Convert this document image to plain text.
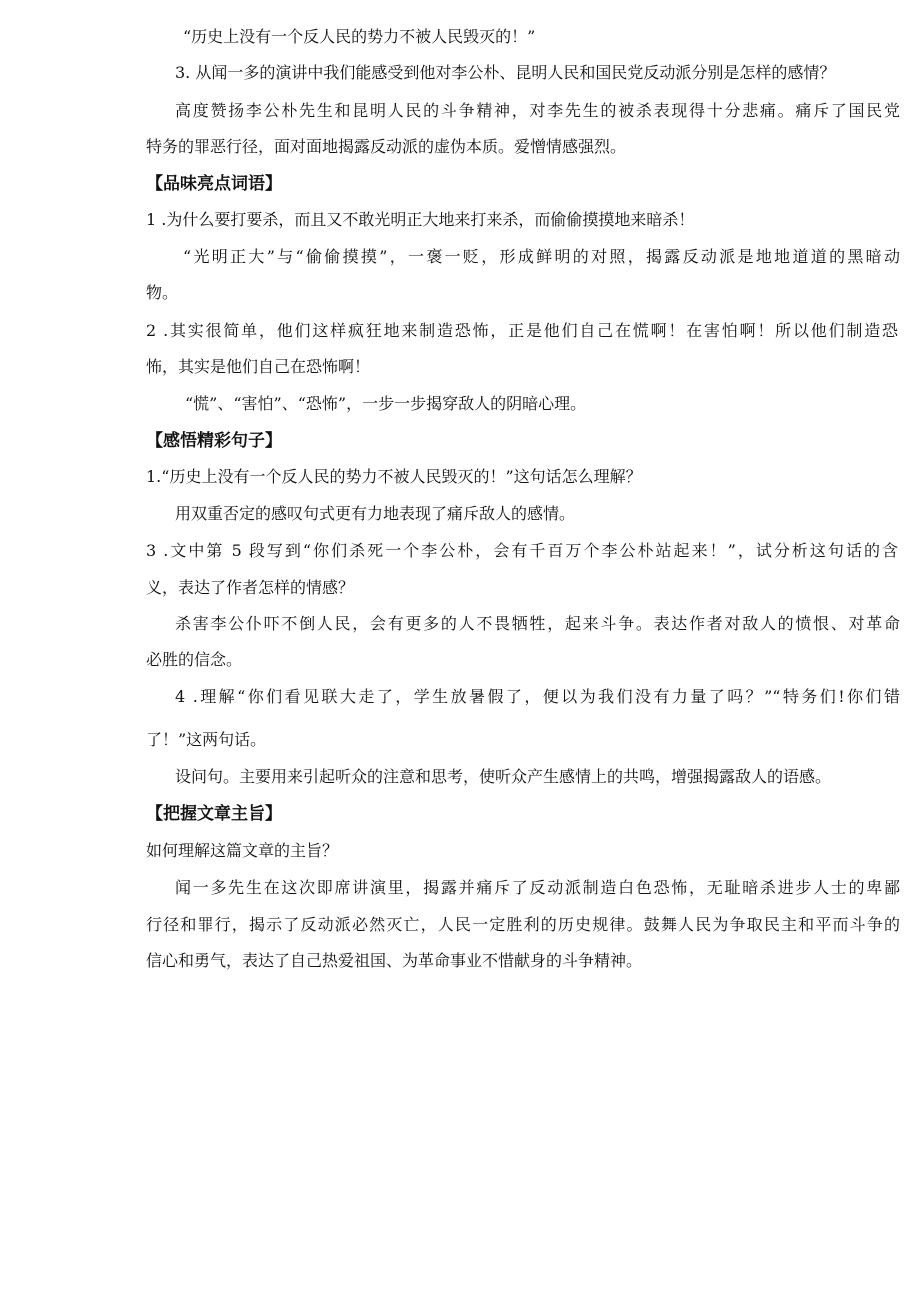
“历史上没有一个反人民的势力不被人民毁灭的！”
3. 从闻一多的演讲中我们能感受到他对李公朴、昆明人民和国民党反动派分别是怎样的感情？
高度赞扬李公朴先生和昆明人民的斗争精神，对李先生的被杀表现得十分悲痛。痛斥了国民党
特务的罪恶行径，面对面地揭露反动派的虚伪本质。爱憎情感强烈。
【品味亮点词语】
1 .为什么要打要杀，而且又不敢光明正大地来打来杀，而偷偷摸摸地来暗杀！
“光明正大”与“偷偷摸摸”，一褒一贬，形成鲜明的对照，揭露反动派是地地道道的黑暗动
物。
2 .其实很简单，他们这样疯狂地来制造恐怖，正是他们自己在慌啊！在害怕啊！所以他们制造恐
怖，其实是他们自己在恐怖啊！
“慌”、“害怕”、“恐怖”，一步一步揭穿敌人的阴暗心理。
【感悟精彩句子】
1.“历史上没有一个反人民的势力不被人民毁灭的！”这句话怎么理解？
用双重否定的感叹句式更有力地表现了痛斥敌人的感情。
3 .文中第 5 段写到“你们杀死一个李公朴，会有千百万个李公朴站起来！”，试分析这句话的含
义，表达了作者怎样的情感？
杀害李公仆吓不倒人民，会有更多的人不畏牺牲，起来斗争。表达作者对敌人的愤恨、对革命
必胜的信念。
4 .理解“你们看见联大走了，学生放暑假了，便以为我们没有力量了吗？”“特务们!你们错
了！”这两句话。
设问句。主要用来引起听众的注意和思考，使听众产生感情上的共鸣，增强揭露敌人的语感。
【把握文章主旨】
如何理解这篇文章的主旨？
闻一多先生在这次即席讲演里，揭露并痛斥了反动派制造白色恐怖，无耻暗杀进步人士的卑鄙
行径和罪行，揭示了反动派必然灭亡，人民一定胜利的历史规律。鼓舞人民为争取民主和平而斗争的
信心和勇气，表达了自己热爱祖国、为革命事业不惜献身的斗争精神。
